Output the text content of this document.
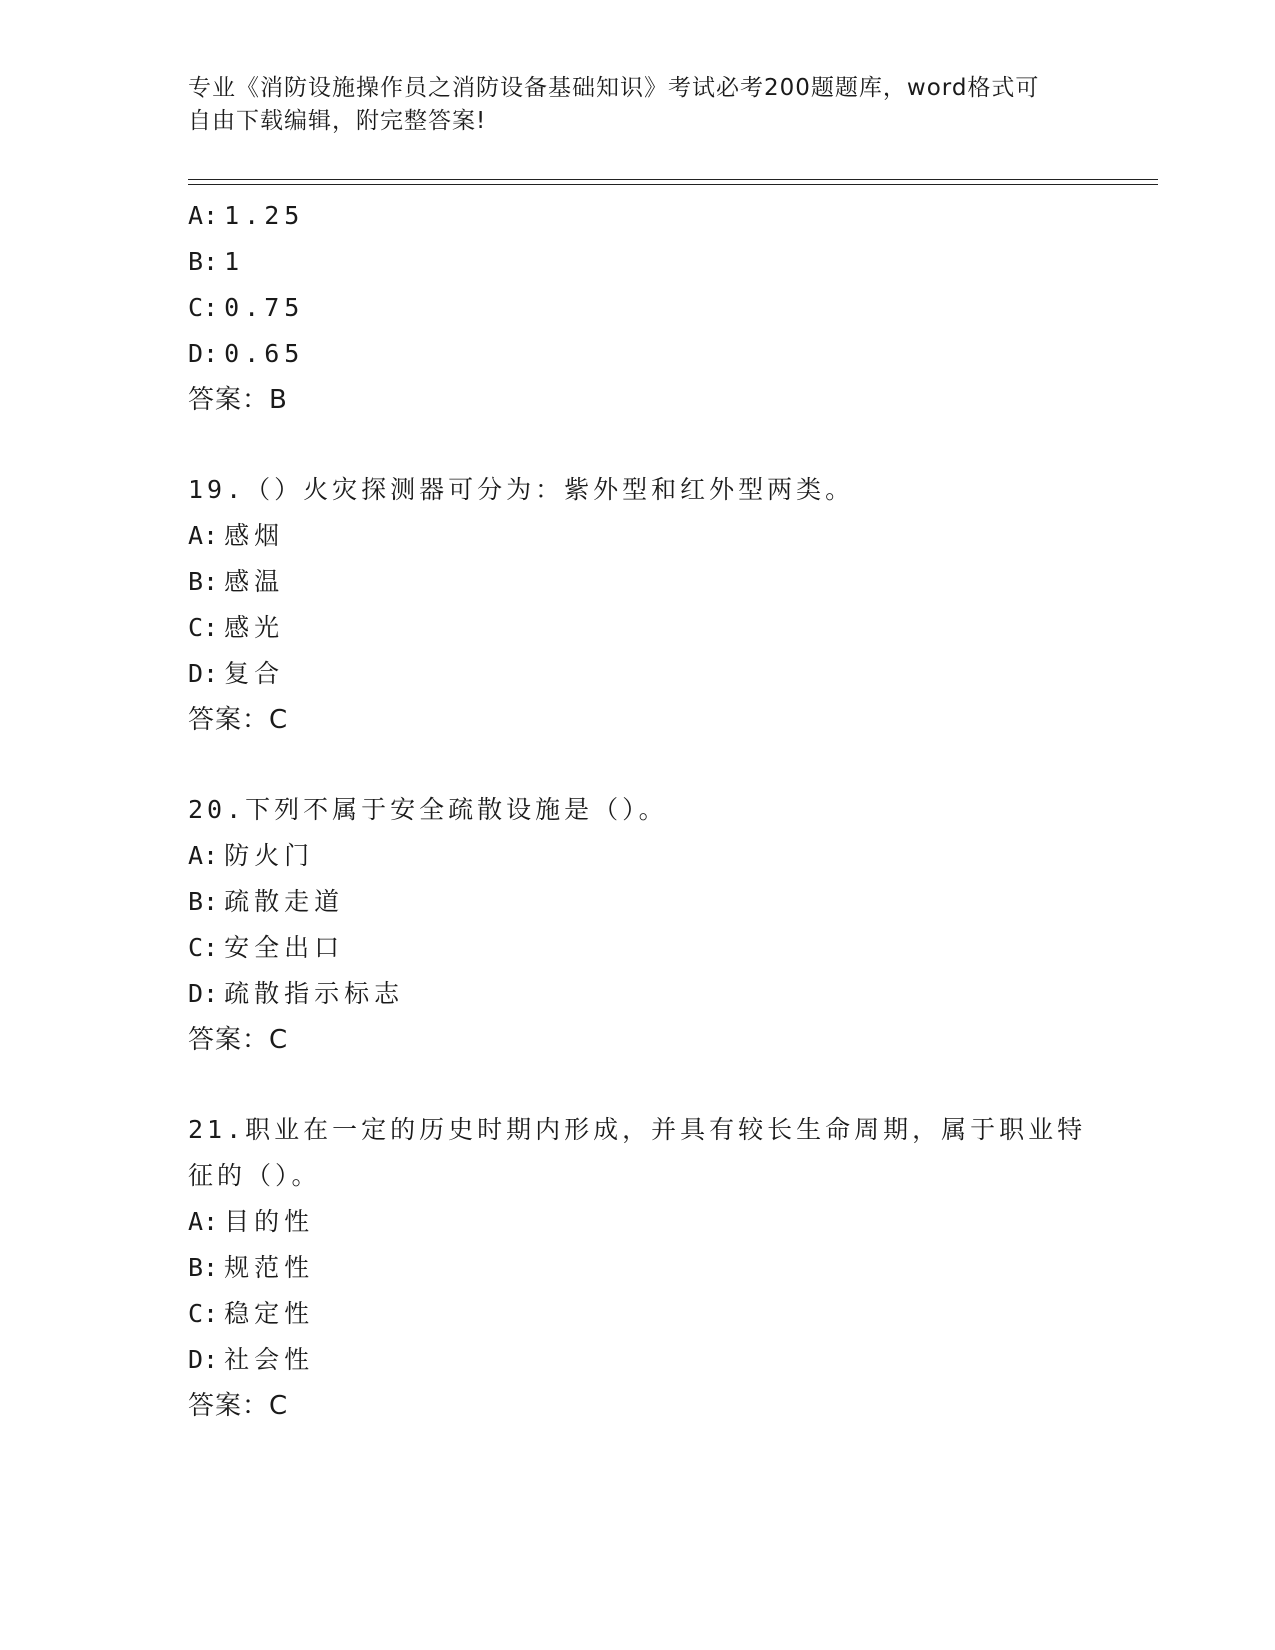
专业《消防设施操作员之消防设备基础知识》考试必考200题题库，word格式可
自由下载编辑，附完整答案!
A: 1.25
B: 1
C: 0.75
D: 0.65
答案：B
19.（）火灾探测器可分为：紫外型和红外型两类。
A: 感烟
B: 感温
C: 感光
D: 复合
答案：C
20.下列不属于安全疏散设施是（）。
A: 防火门
B: 疏散走道
C: 安全出口
D: 疏散指示标志
答案：C
21.职业在一定的历史时期内形成，并具有较长生命周期，属于职业特
征的（）。
A: 目的性
B: 规范性
C: 稳定性
D: 社会性
答案：C
